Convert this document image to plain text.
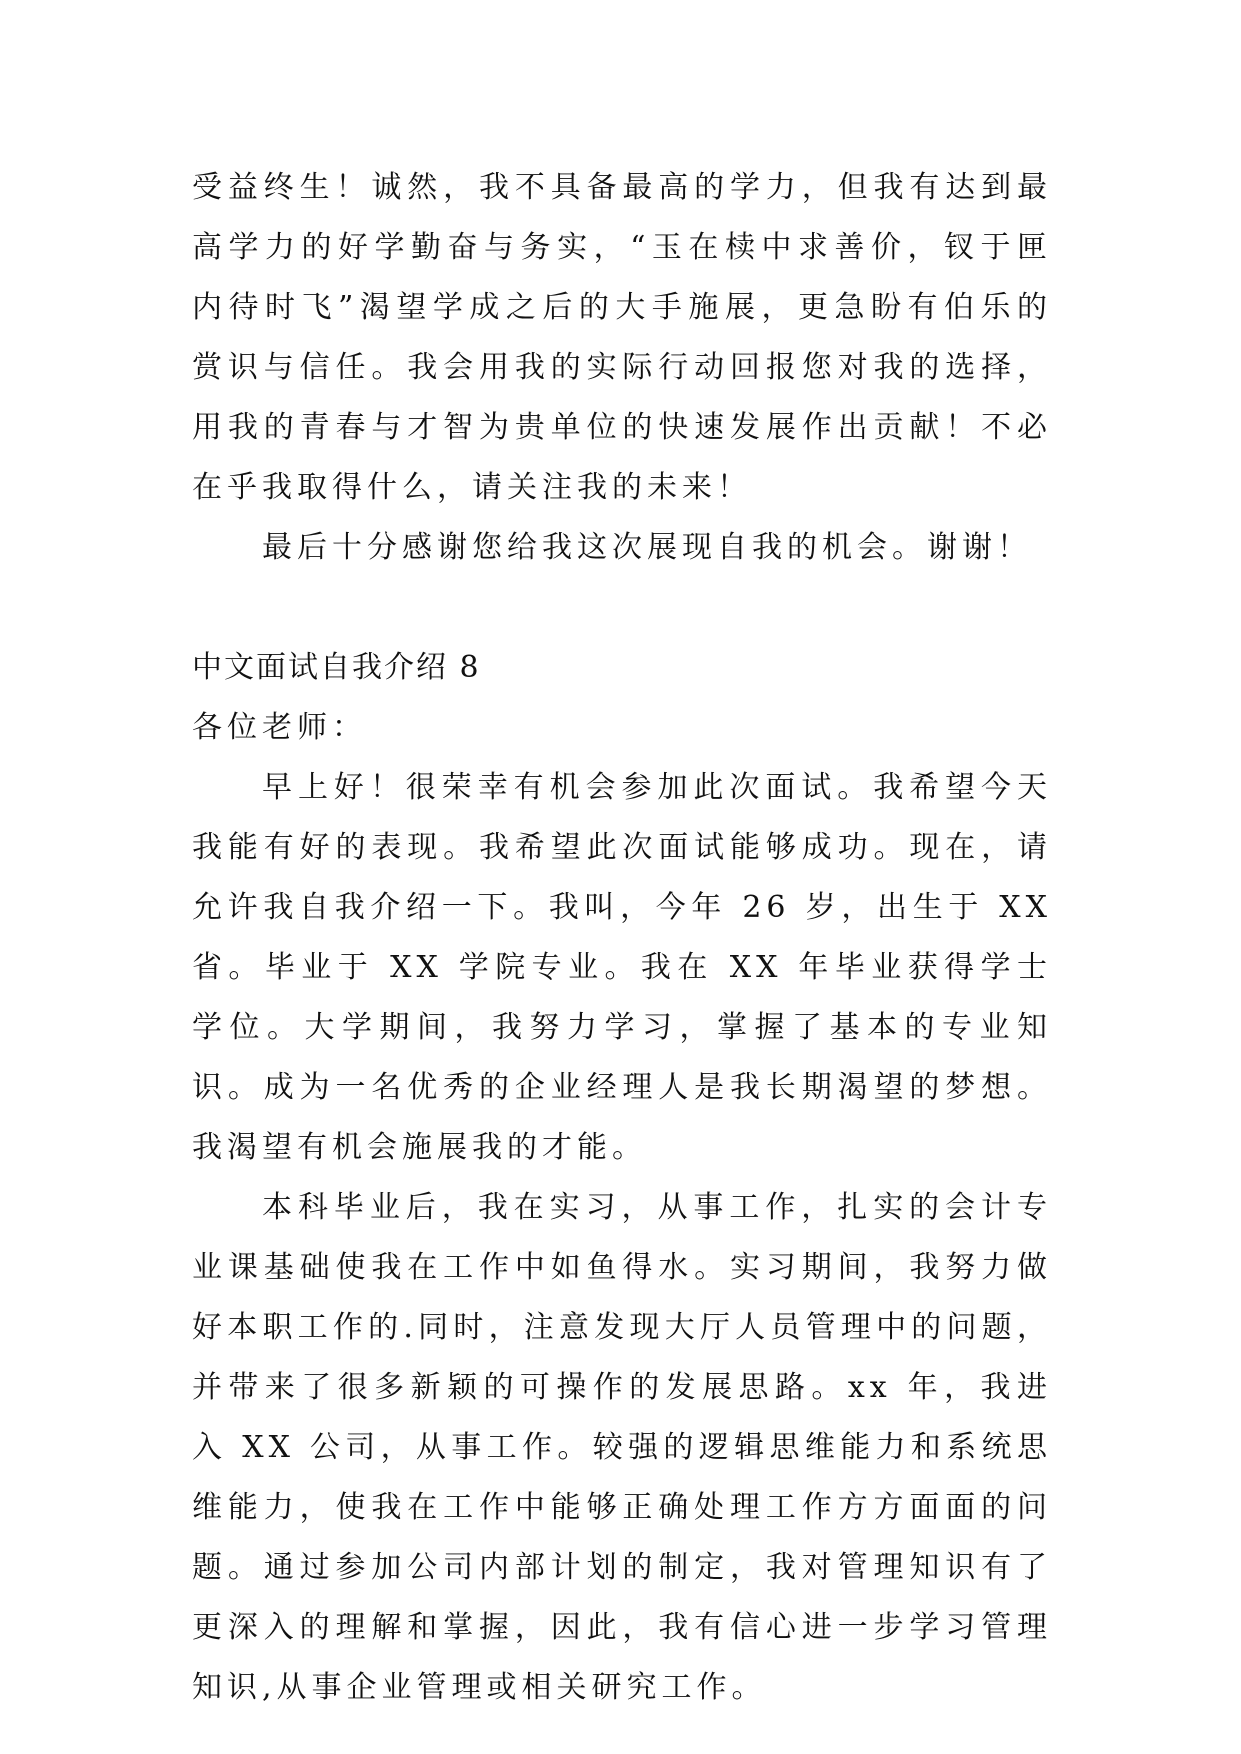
受益终生！诚然，我不具备最高的学力，但我有达到最高学力的好学勤奋与务实，“玉在椟中求善价，钗于匣内待时飞”渴望学成之后的大手施展，更急盼有伯乐的赏识与信任。我会用我的实际行动回报您对我的选择，用我的青春与才智为贵单位的快速发展作出贡献！不必在乎我取得什么，请关注我的未来！

最后十分感谢您给我这次展现自我的机会。谢谢！

中文面试自我介绍 8

各位老师：

早上好！很荣幸有机会参加此次面试。我希望今天我能有好的表现。我希望此次面试能够成功。现在，请允许我自我介绍一下。我叫，今年 26 岁，出生于 XX 省。毕业于 XX 学院专业。我在 XX 年毕业获得学士学位。大学期间，我努力学习，掌握了基本的专业知识。成为一名优秀的企业经理人是我长期渴望的梦想。我渴望有机会施展我的才能。

本科毕业后，我在实习，从事工作，扎实的会计专业课基础使我在工作中如鱼得水。实习期间，我努力做好本职工作的.同时，注意发现大厅人员管理中的问题，并带来了很多新颖的可操作的发展思路。xx 年，我进入 XX 公司，从事工作。较强的逻辑思维能力和系统思维能力，使我在工作中能够正确处理工作方方面面的问题。通过参加公司内部计划的制定，我对管理知识有了更深入的理解和掌握，因此，我有信心进一步学习管理知识,从事企业管理或相关研究工作。
